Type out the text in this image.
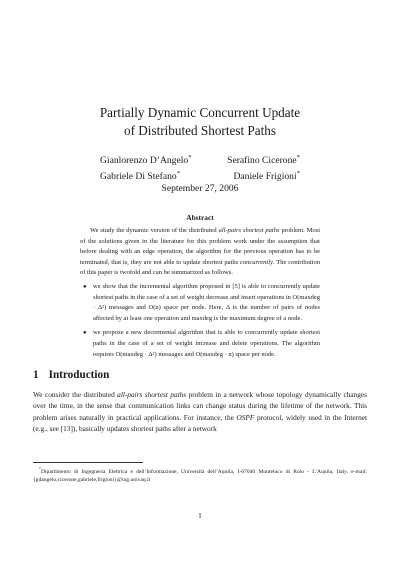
Partially Dynamic Concurrent Update
of Distributed Shortest Paths
Gianlorenzo D’Angelo*	Serafino Cicerone*
Gabriele Di Stefano*	Daniele Frigioni*
September 27, 2006
Abstract

We study the dynamic version of the distributed all-pairs shortest paths problem. Most of the solutions given in the literature for this problem work under the assumption that before dealing with an edge operation, the algorithm for the previous operation has to be terminated, that is, they are not able to update shortest paths concurrently. The contribution of this paper is twofold and can be summarized as follows.

● we show that the incremental algorithm proposed in [5] is able to concurrently update shortest paths in the case of a set of weight decrease and insert operations in O(maxdeg · Δ²) messages and O(n) space per node. Here, Δ is the number of pairs of nodes affected by at least one operation and maxdeg is the maximum degree of a node.
● we propose a new decremental algorithm that is able to concurrently update shortest paths in the case of a set of weight increase and delete operations. The algorithm requires O(maxdeg · Δ²) messages and O(maxdeg · n) space per node.
1 Introduction

We consider the distributed all-pairs shortest paths problem in a network whose topology dynamically changes over the time, in the sense that communication links can change status during the lifetime of the network. This problem arises naturally in practical applications. For instance, the OSPF protocol, widely used in the Internet (e.g., see [13]), basically updates shortest paths after a network

*Dipartimento di Ingegneria Elettrica e dell’Informazione, Università dell’Aquila, I-67040 Monteluco di Roio - L’Aquila, Italy. e-mail: {gdangelo,cicerone,gabriele,frigioni}@ing.univaq.it

1
